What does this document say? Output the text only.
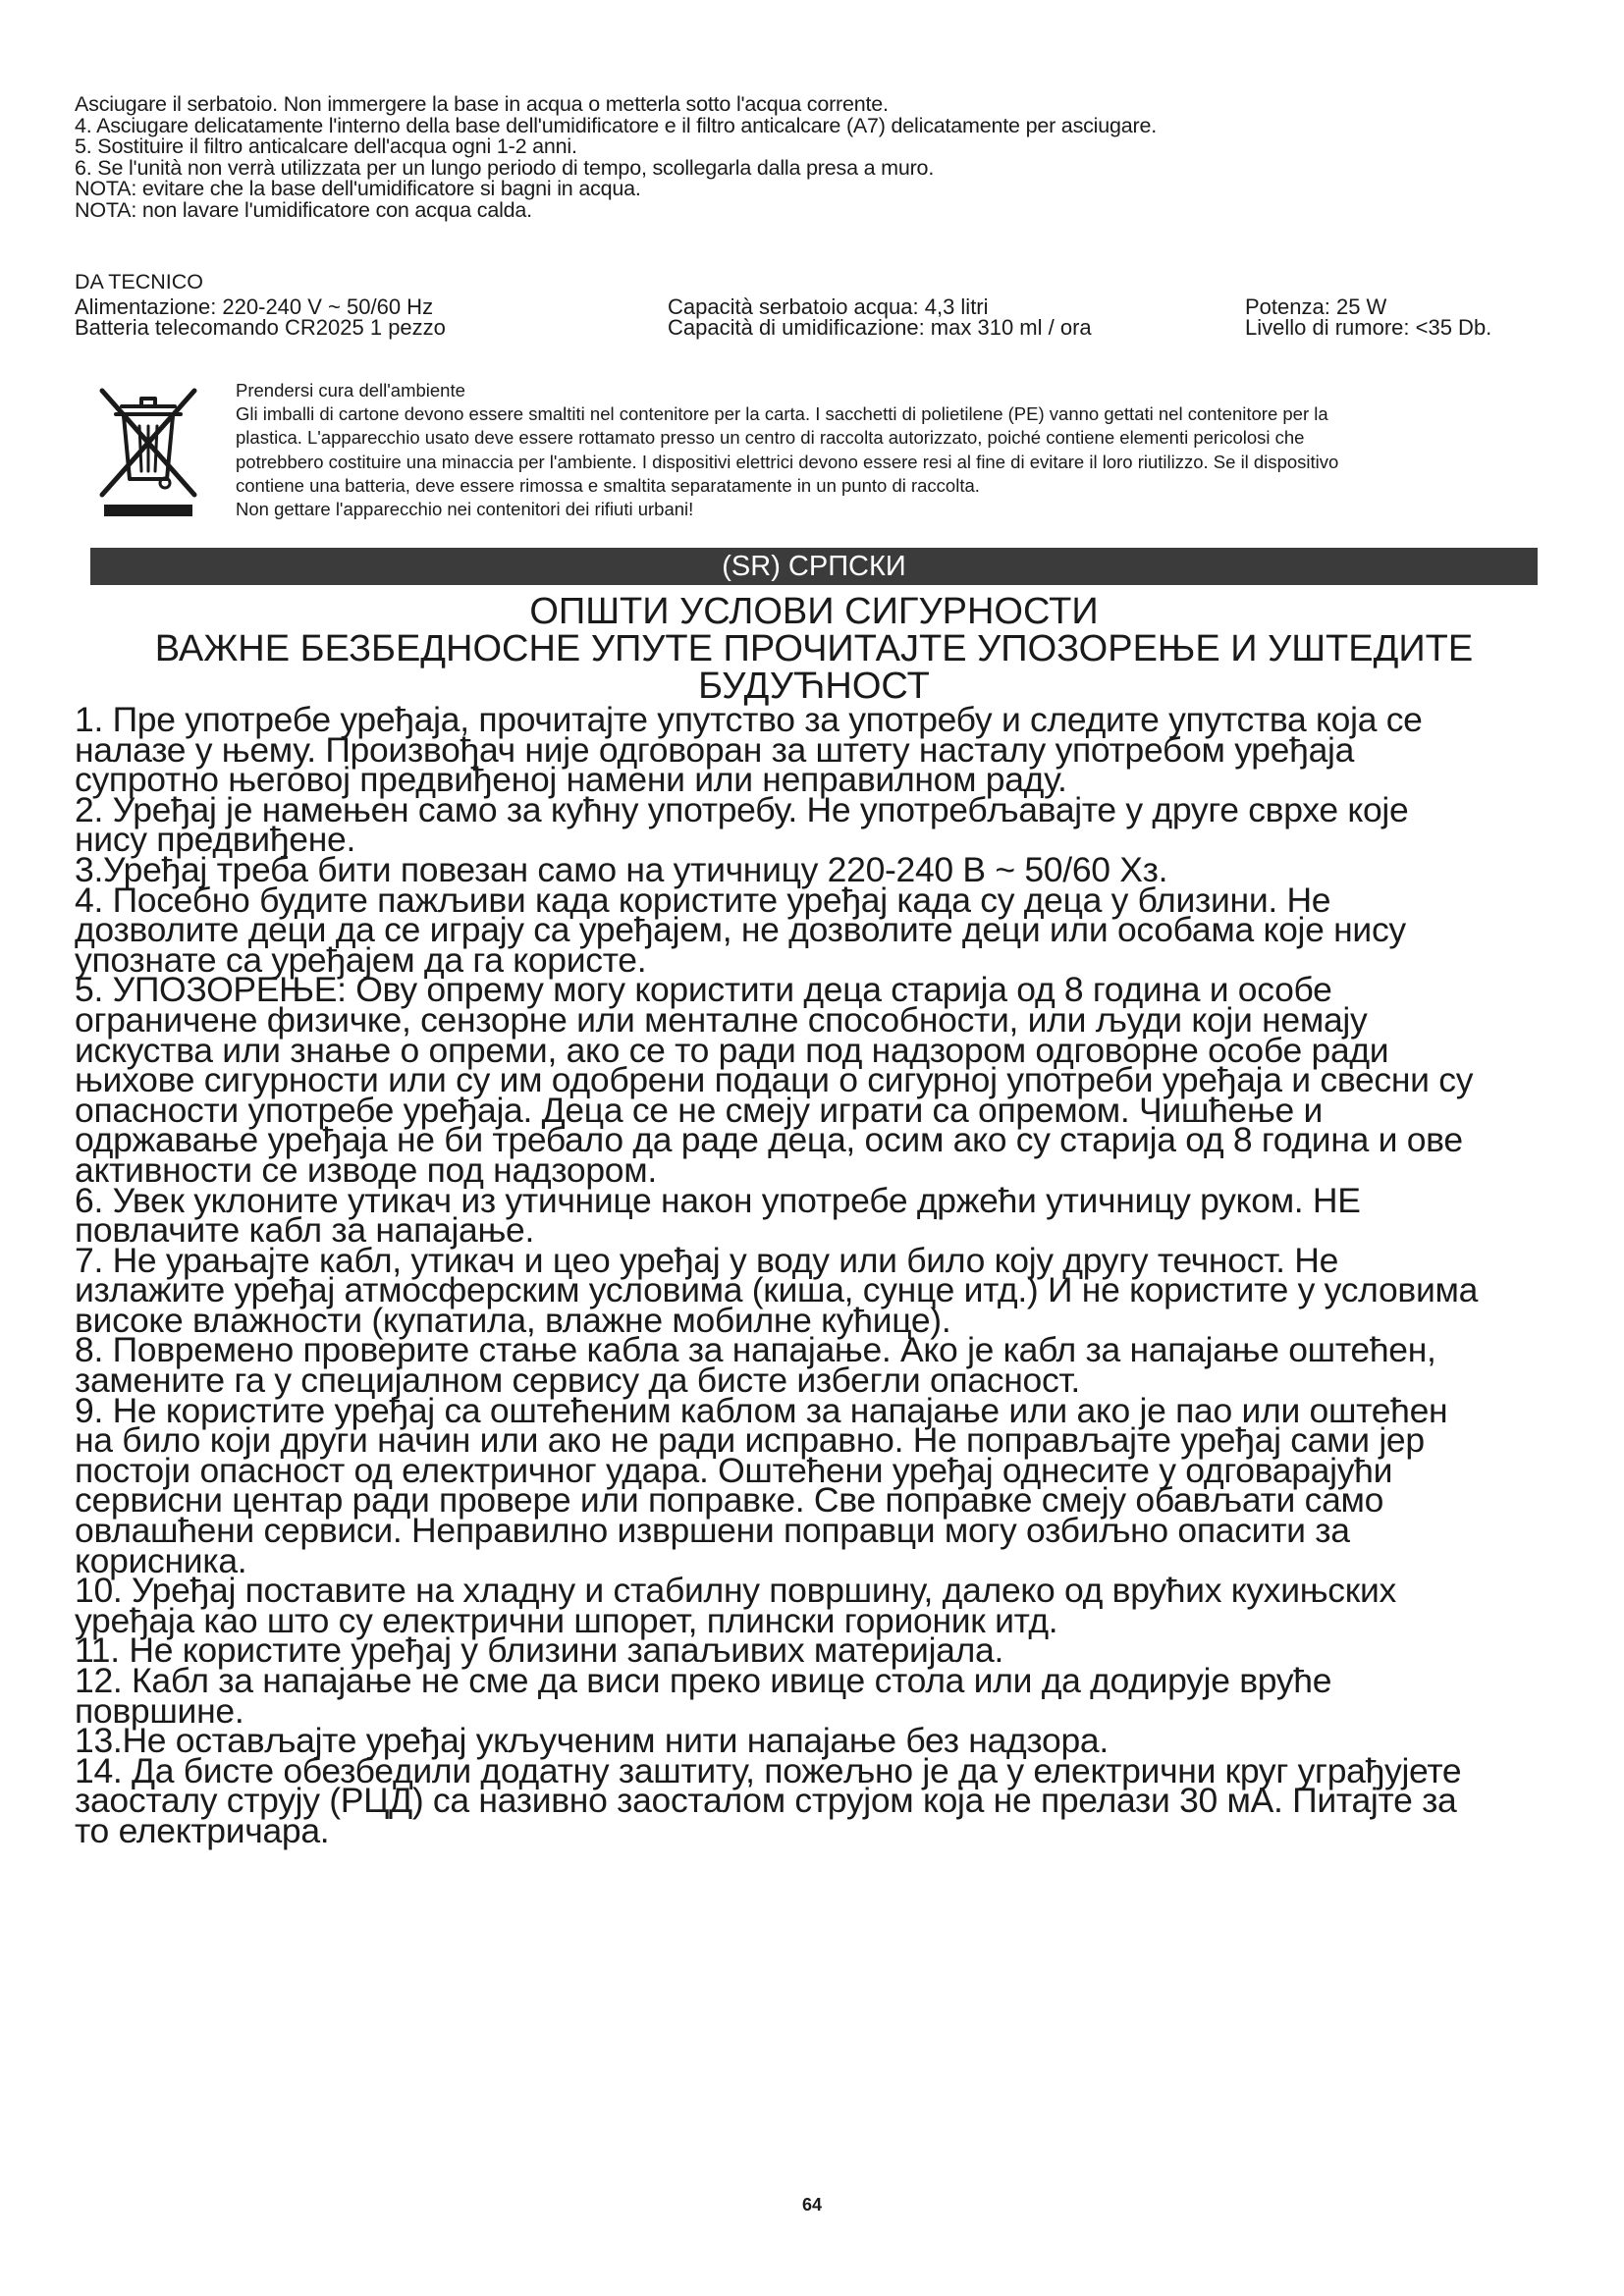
Asciugare il serbatoio. Non immergere la base in acqua o metterla sotto l'acqua corrente.
4. Asciugare delicatamente l'interno della base dell'umidificatore e il filtro anticalcare (A7) delicatamente per asciugare.
5. Sostituire il filtro anticalcare dell'acqua ogni 1-2 anni.
6. Se l'unità non verrà utilizzata per un lungo periodo di tempo, scollegarla dalla presa a muro.
NOTA: evitare che la base dell'umidificatore si bagni in acqua.
NOTA: non lavare l'umidificatore con acqua calda.
DA TECNICO
Alimentazione: 220-240 V ~ 50/60 Hz
Batteria telecomando CR2025 1 pezzo
Capacità serbatoio acqua: 4,3 litri
Capacità di umidificazione: max 310 ml / ora
Potenza: 25 W
Livello di rumore: <35 Db.
Prendersi cura dell'ambiente
Gli imballi di cartone devono essere smaltiti nel contenitore per la carta. I sacchetti di polietilene (PE) vanno gettati nel contenitore per la
plastica. L'apparecchio usato deve essere rottamato presso un centro di raccolta autorizzato, poiché contiene elementi pericolosi che
potrebbero costituire una minaccia per l'ambiente. I dispositivi elettrici devono essere resi al fine di evitare il loro riutilizzo. Se il dispositivo
contiene una batteria, deve essere rimossa e smaltita separatamente in un punto di raccolta.
Non gettare l'apparecchio nei contenitori dei rifiuti urbani!
(SR) СРПСКИ
ОПШТИ УСЛОВИ СИГУРНОСТИ
ВАЖНЕ БЕЗБЕДНОСНЕ УПУТЕ ПРОЧИТАЈТЕ УПОЗОРЕЊЕ И УШТЕДИТЕ
БУДУЋНОСТ
1. Пре употребе уређаја, прочитајте упутство за употребу и следите упутства која се
налазе у њему. Произвођач није одговоран за штету насталу употребом уређаја
супротно његовој предвиђеној намени или неправилном раду.
2. Уређај је намењен само за кућну употребу. Не употребљавајте у друге сврхе које
нису предвиђене.
3.Уређај треба бити повезан само на утичницу 220-240 В ~ 50/60 Хз.
4. Посебно будите пажљиви када користите уређај када су деца у близини. Не
дозволите деци да се играју са уређајем, не дозволите деци или особама које нису
упознате са уређајем да га користе.
5. УПОЗОРЕЊЕ: Ову опрему могу користити деца старија од 8 година и особе
ограничене физичке, сензорне или менталне способности, или људи који немају
искуства или знање о опреми, ако се то ради под надзором одговорне особе ради
њихове сигурности или су им одобрени подаци о сигурној употреби уређаја и свесни су
опасности употребе уређаја. Деца се не смеју играти са опремом. Чишћење и
одржавање уређаја не би требало да раде деца, осим ако су старија од 8 година и ове
активности се изводе под надзором.
6. Увек уклоните утикач из утичнице након употребе држећи утичницу руком. НЕ
повлачите кабл за напајање.
7. Не урањајте кабл, утикач и цео уређај у воду или било коју другу течност. Не
излажите уређај атмосферским условима (киша, сунце итд.) И не користите у условима
високе влажности (купатила, влажне мобилне кућице).
8. Повремено проверите стање кабла за напајање. Ако је кабл за напајање оштећен,
замените га у специјалном сервису да бисте избегли опасност.
9. Не користите уређај са оштећеним каблом за напајање или ако је пао или оштећен
на било који други начин или ако не ради исправно. Не поправљајте уређај сами јер
постоји опасност од електричног удара. Оштећени уређај однесите у одговарајући
сервисни центар ради провере или поправке. Све поправке смеју обављати само
овлашћени сервиси. Неправилно извршени поправци могу озбиљно опасити за
корисника.
10. Уређај поставите на хладну и стабилну површину, далеко од врућих кухињских
уређаја као што су електрични шпорет, плински горионик итд.
11. Не користите уређај у близини запаљивих материјала.
12. Кабл за напајање не сме да виси преко ивице стола или да додирује вруће
површине.
13.Не остављајте уређај укљученим нити напајање без надзора.
14. Да бисте обезбедили додатну заштиту, пожељно је да у електрични круг уграђујете
заосталу струју (РЦД) са називно заосталом струјом која не прелази 30 мА. Питајте за
то електричара.
64
